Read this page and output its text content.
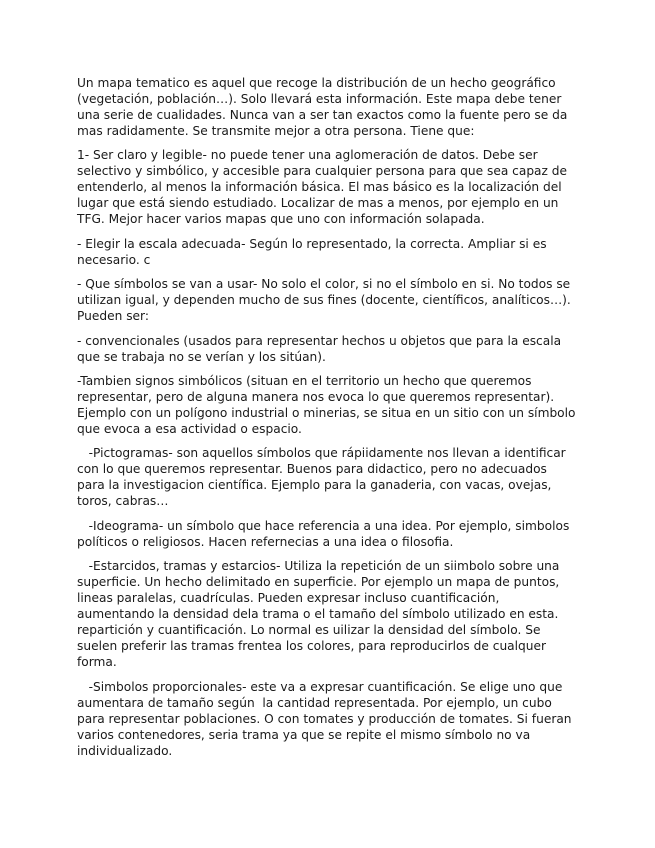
Un mapa tematico es aquel que recoge la distribución de un hecho geográfico (vegetación, población…). Solo llevará esta información. Este mapa debe tener una serie de cualidades. Nunca van a ser tan exactos como la fuente pero se da mas radidamente. Se transmite mejor a otra persona. Tiene que:

1- Ser claro y legible- no puede tener una aglomeración de datos. Debe ser selectivo y simbólico, y accesible para cualquier persona para que sea capaz de entenderlo, al menos la información básica. El mas básico es la localización del lugar que está siendo estudiado. Localizar de mas a menos, por ejemplo en un TFG. Mejor hacer varios mapas que uno con información solapada.

- Elegir la escala adecuada- Según lo representado, la correcta. Ampliar si es necesario. c

- Que símbolos se van a usar- No solo el color, si no el símbolo en si. No todos se utilizan igual, y dependen mucho de sus fines (docente, científicos, analíticos…). Pueden ser:

- convencionales (usados para representar hechos u objetos que para la escala que se trabaja no se verían y los sitúan).

-Tambien signos simbólicos (situan en el territorio un hecho que queremos representar, pero de alguna manera nos evoca lo que queremos representar). Ejemplo con un polígono industrial o minerias, se situa en un sitio con un símbolo que evoca a esa actividad o espacio.

-Pictogramas- son aquellos símbolos que rápiidamente nos llevan a identificar con lo que queremos representar. Buenos para didactico, pero no adecuados para la investigacion científica. Ejemplo para la ganaderia, con vacas, ovejas, toros, cabras…

-Ideograma- un símbolo que hace referencia a una idea. Por ejemplo, simbolos políticos o religiosos. Hacen refernecias a una idea o filosofia.

-Estarcidos, tramas y estarcios- Utiliza la repetición de un siimbolo sobre una superficie. Un hecho delimitado en superficie. Por ejemplo un mapa de puntos, lineas paralelas, cuadrículas. Pueden expresar incluso cuantificación, aumentando la densidad dela trama o el tamaño del símbolo utilizado en esta. repartición y cuantificación. Lo normal es uilizar la densidad del símbolo. Se suelen preferir las tramas frentea los colores, para reproducirlos de cualquer forma.

-Simbolos proporcionales- este va a expresar cuantificación. Se elige uno que aumentara de tamaño según  la cantidad representada. Por ejemplo, un cubo para representar poblaciones. O con tomates y producción de tomates. Si fueran varios contenedores, seria trama ya que se repite el mismo símbolo no va individualizado.
